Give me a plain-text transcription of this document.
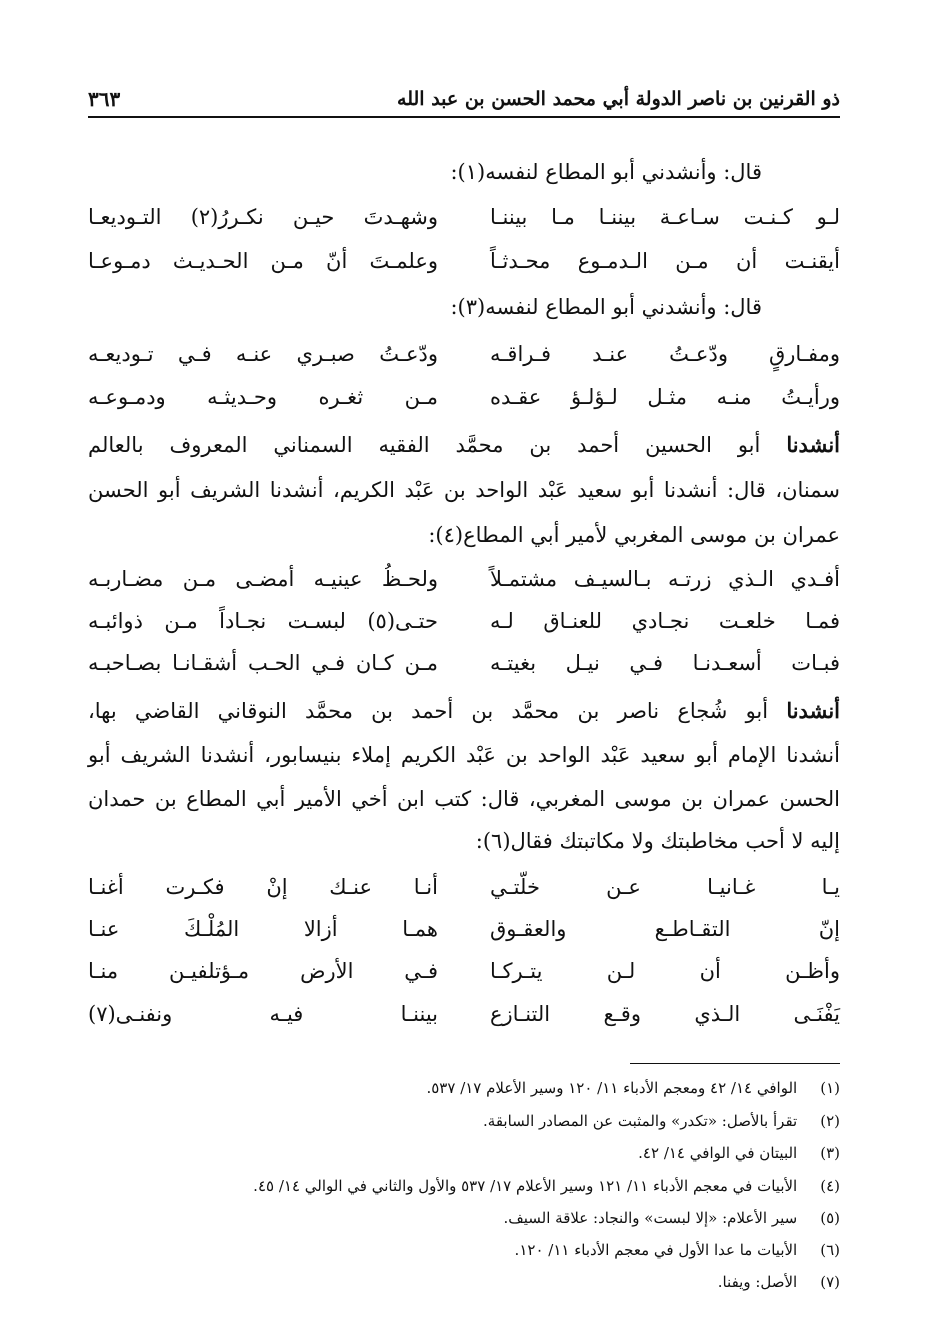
ذو القرنين بن ناصر الدولة أبي محمد الحسن بن عبد الله
٣٦٣
قال: وأنشدني أبو المطاع لنفسه(١):
لـو كـنـت سـاعـة بيننـا مـا بيننـا
وشهـدتَ حيـن نكـررُ(٢) التـوديعـا
أيقنـت أن مـن الـدمـوع محـدثـاً
وعلمـتَ أنّ مـن الحـديـث دمـوعـا
قال: وأنشدني أبو المطاع لنفسه(٣):
ومفـارقٍ ودّعـتُ عنـد فـراقـه
ودّعـتُ صبـري عنـه فـي تـوديعـه
ورأيـتُ منـه مثـل لـؤلـؤ عقـده
مـن ثغـره وحـديثـه ودمـوعـه
أنشدنا أبو الحسين أحمد بن محمَّد الفقيه السمناني المعروف بالعالم
سمنان، قال: أنشدنا أبو سعيد عَبْد الواحد بن عَبْد الكريم، أنشدنا الشريف أبو الحسن
عمران بن موسى المغربي لأمير أبي المطاع(٤):
أفـدي الـذي زرتـه بـالسيـف مشتمـلاً
ولحـظُ عينيـه أمضـى مـن مضـاربـه
فمـا خلعـت نجـادي للعنـاق لـه
حتـى(٥) لبسـت نجـاداً مـن ذوائبـه
فبـات أسعـدنـا فـي نيـل بغيتـه
مـن كـان فـي الحـب أشقـانـا بصـاحبـه
أنشدنا أبو شُجاع ناصر بن محمَّد بن أحمد بن محمَّد النوقاني القاضي بها،
أنشدنا الإمام أبو سعيد عَبْد الواحد بن عَبْد الكريم إملاء بنيسابور، أنشدنا الشريف أبو
الحسن عمران بن موسى المغربي، قال: كتب ابن أخي الأمير أبي المطاع بن حمدان
إليه لا أحب مخاطبتك ولا مكاتبتك فقال(٦):
يـا غـانيـا عـن خلّتـي
أنـا عنـك إنْ فكـرت أغنـا
إنّ التقـاطـع والعقـوق
همـا أزالا المُلْـكَ عنـا
وأظـن أن لـن يتـركـا
فـي الأرض مـؤتلفيـن منـا
يَفْنَـى الـذي وقـع التنـازع
بيننـا فيـه ونفنـى(٧)
(١) الوافي ١٤/ ٤٢ ومعجم الأدباء ١١/ ١٢٠ وسير الأعلام ١٧/ ٥٣٧.
(٢) تقرأ بالأصل: «تكدر» والمثبت عن المصادر السابقة.
(٣) البيتان في الوافي ١٤/ ٤٢.
(٤) الأبيات في معجم الأدباء ١١/ ١٢١ وسير الأعلام ١٧/ ٥٣٧ والأول والثاني في الوالي ١٤/ ٤٥.
(٥) سير الأعلام: «إلا لبست» والنجاد: علاقة السيف.
(٦) الأبيات ما عدا الأول في معجم الأدباء ١١/ ١٢٠.
(٧) الأصل: ويفنا.
